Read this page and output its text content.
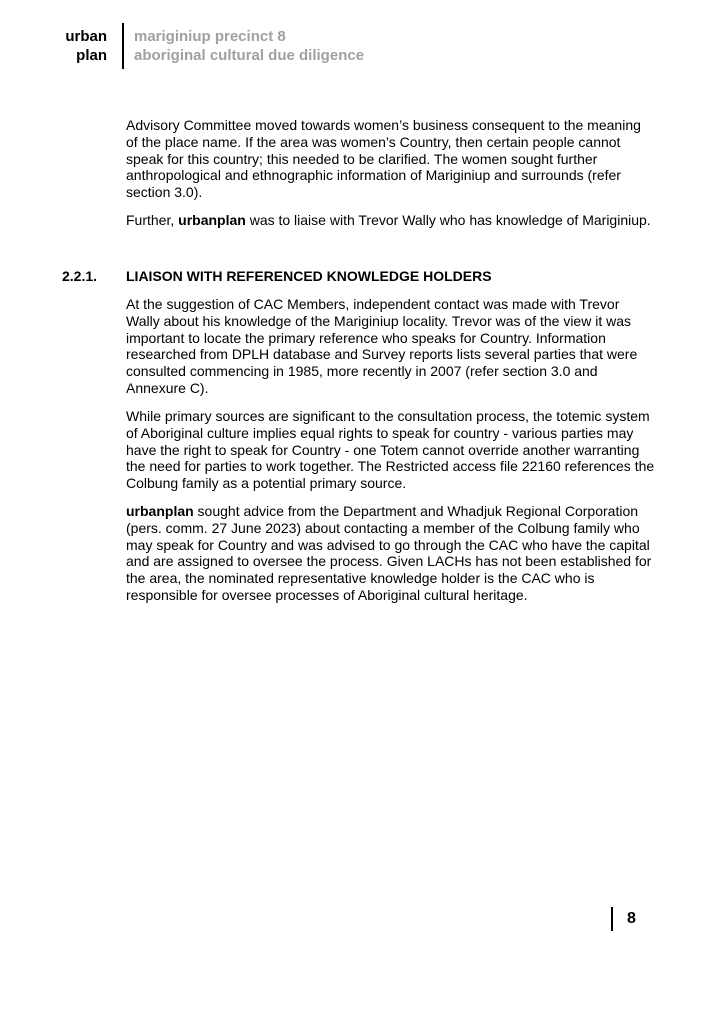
urban
plan
mariginiup precinct 8
aboriginal cultural due diligence

Advisory Committee moved towards women’s business consequent to the meaning of the place name. If the area was women’s Country, then certain people cannot speak for this country; this needed to be clarified. The women sought further anthropological and ethnographic information of Mariginiup and surrounds (refer section 3.0).

Further, urbanplan was to liaise with Trevor Wally who has knowledge of Mariginiup.

2.2.1. LIAISON WITH REFERENCED KNOWLEDGE HOLDERS

At the suggestion of CAC Members, independent contact was made with Trevor Wally about his knowledge of the Mariginiup locality. Trevor was of the view it was important to locate the primary reference who speaks for Country. Information researched from DPLH database and Survey reports lists several parties that were consulted commencing in 1985, more recently in 2007 (refer section 3.0 and Annexure C).

While primary sources are significant to the consultation process, the totemic system of Aboriginal culture implies equal rights to speak for country - various parties may have the right to speak for Country - one Totem cannot override another warranting the need for parties to work together. The Restricted access file 22160 references the Colbung family as a potential primary source.

urbanplan sought advice from the Department and Whadjuk Regional Corporation (pers. comm. 27 June 2023) about contacting a member of the Colbung family who may speak for Country and was advised to go through the CAC who have the capital and are assigned to oversee the process. Given LACHs has not been established for the area, the nominated representative knowledge holder is the CAC who is responsible for oversee processes of Aboriginal cultural heritage.

8
